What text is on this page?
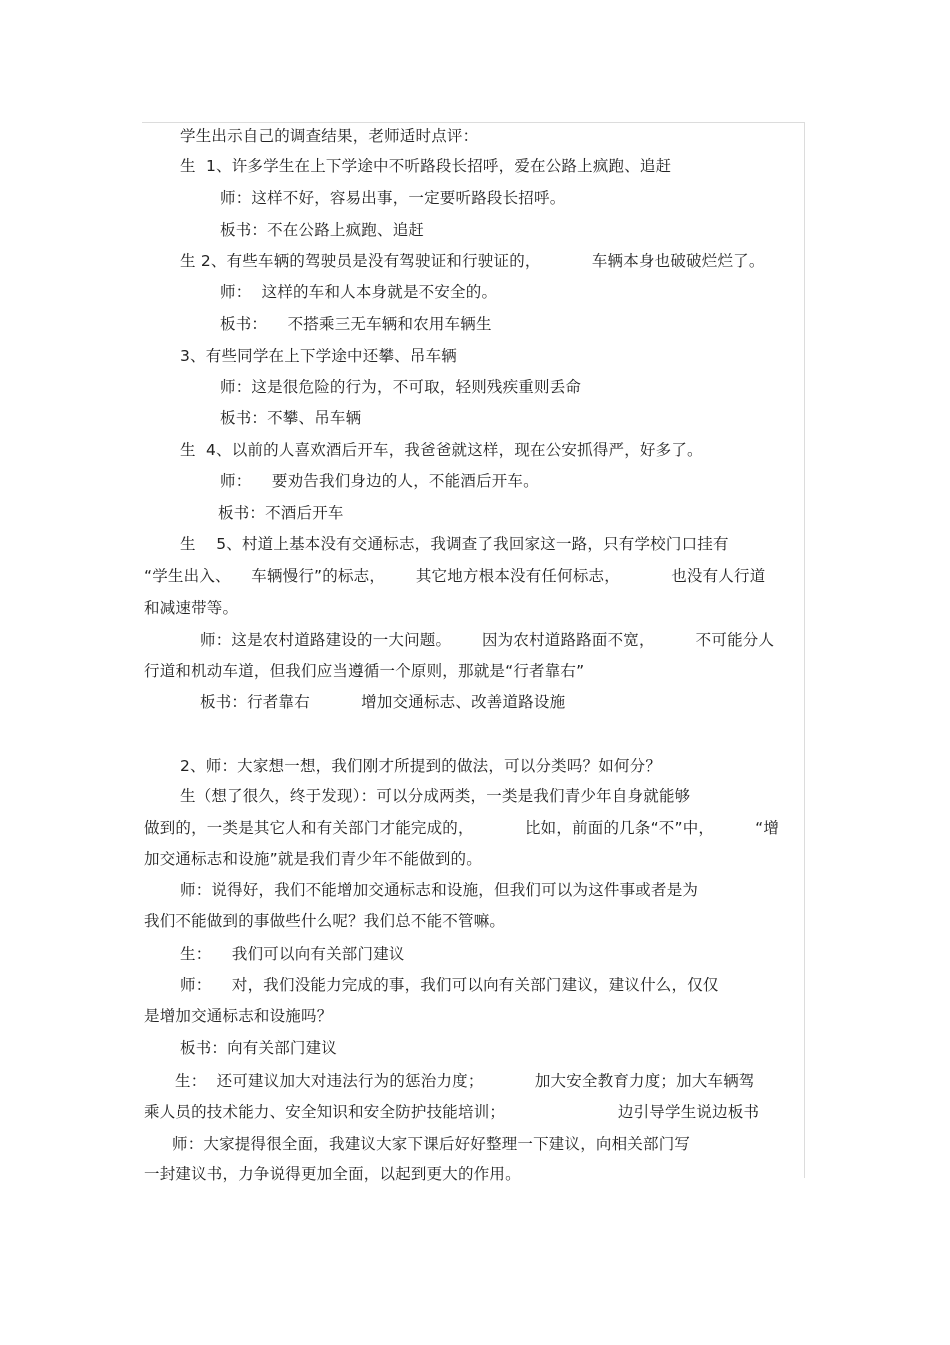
学生出示自己的调查结果，老师适时点评：
生  1、许多学生在上下学途中不听路段长招呼，爱在公路上疯跑、追赶
师：这样不好，容易出事，一定要听路段长招呼。
板书：不在公路上疯跑、追赶
生 2、有些车辆的驾驶员是没有驾驶证和行驶证的，          车辆本身也破破烂烂了。
师：  这样的车和人本身就是不安全的。
板书：    不搭乘三无车辆和农用车辆生
3、有些同学在上下学途中还攀、吊车辆
师：这是很危险的行为，不可取，轻则残疾重则丢命
板书：不攀、吊车辆
生  4、以前的人喜欢酒后开车，我爸爸就这样，现在公安抓得严，好多了。
师：    要劝告我们身边的人，不能酒后开车。
板书：不酒后开车
生    5、村道上基本没有交通标志，我调查了我回家这一路，只有学校门口挂有
“学生出入、    车辆慢行”的标志，      其它地方根本没有任何标志，          也没有人行道
和减速带等。
师：这是农村道路建设的一大问题。      因为农村道路路面不宽，        不可能分人
行道和机动车道，但我们应当遵循一个原则，那就是“行者靠右”
板书：行者靠右          增加交通标志、改善道路设施
2、师：大家想一想，我们刚才所提到的做法，可以分类吗？如何分？
生（想了很久，终于发现）：可以分成两类，一类是我们青少年自身就能够
做到的，一类是其它人和有关部门才能完成的，          比如，前面的几条“不”中，        “增
加交通标志和设施”就是我们青少年不能做到的。
师：说得好，我们不能增加交通标志和设施，但我们可以为这件事或者是为
我们不能做到的事做些什么呢？我们总不能不管嘛。
生：    我们可以向有关部门建议
师：    对，我们没能力完成的事，我们可以向有关部门建议，建议什么，仅仅
是增加交通标志和设施吗？
板书：向有关部门建议
生：  还可建议加大对违法行为的惩治力度；          加大安全教育力度；加大车辆驾
乘人员的技术能力、安全知识和安全防护技能培训；                      边引导学生说边板书
师：大家提得很全面，我建议大家下课后好好整理一下建议，向相关部门写
一封建议书，力争说得更加全面，以起到更大的作用。
